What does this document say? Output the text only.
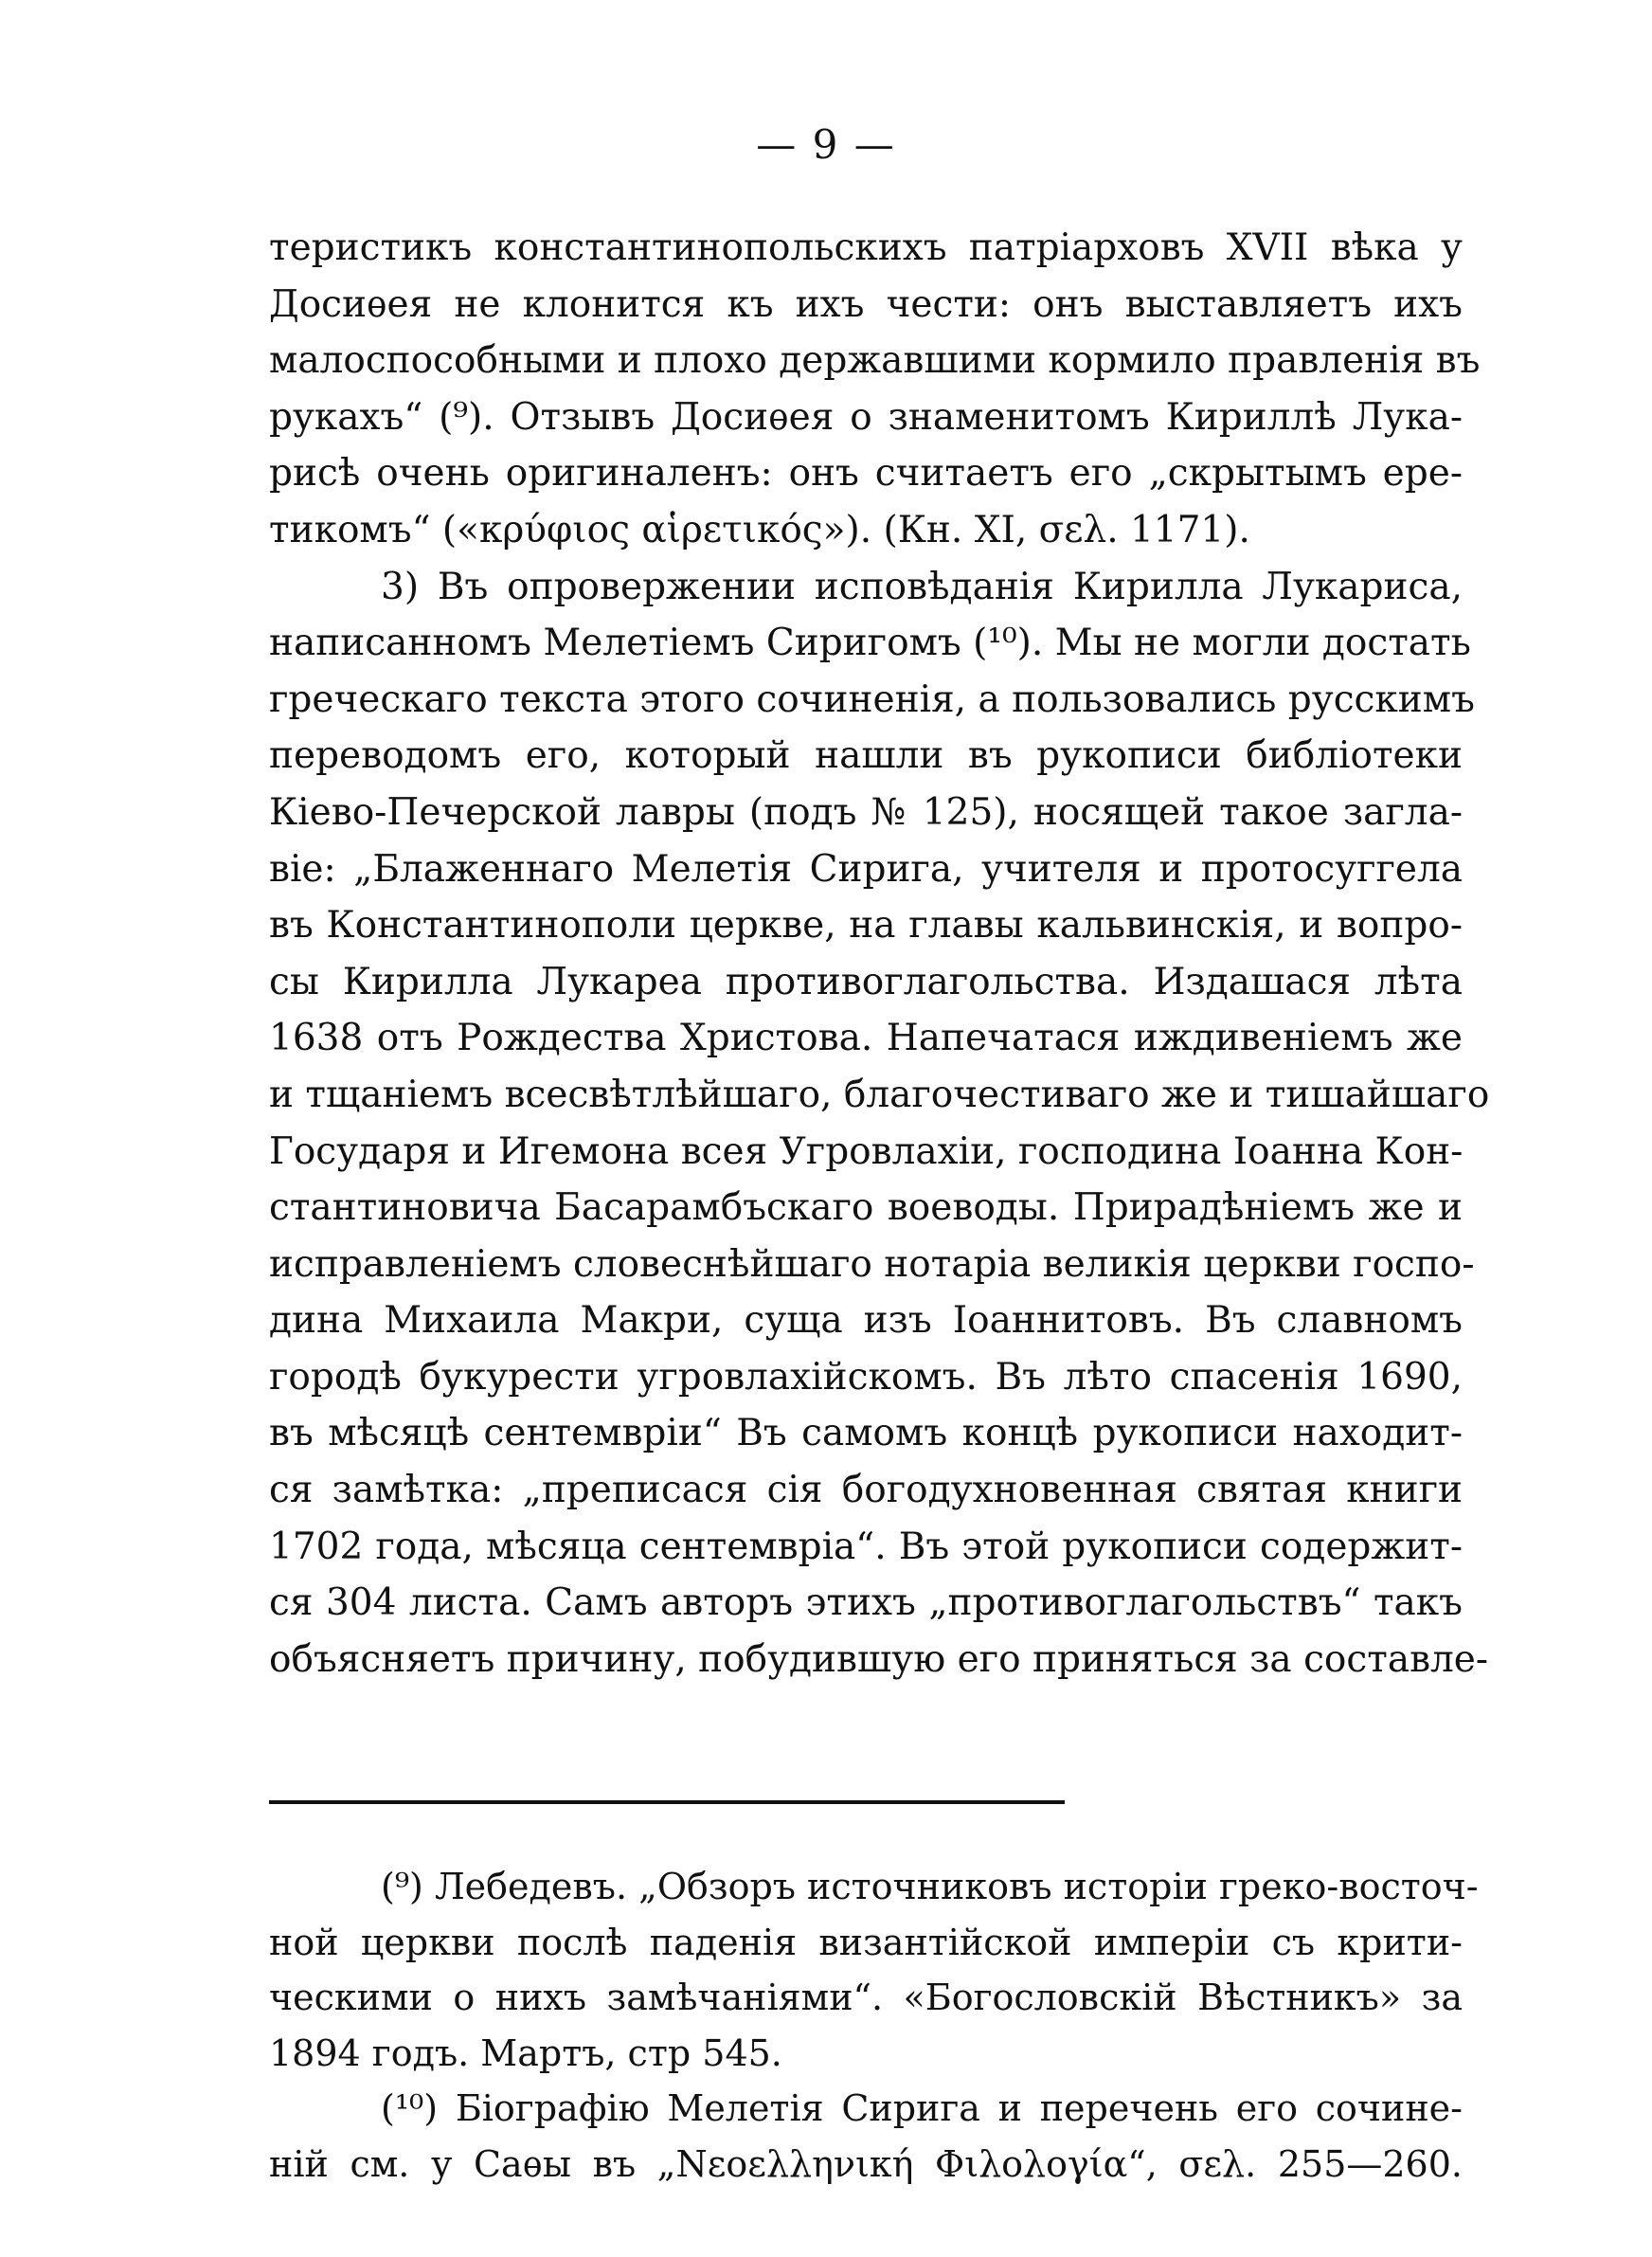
— 9 —
теристикъ константинопольскихъ патріарховъ XVII вѣка у
Досиѳея не клонится къ ихъ чести: онъ выставляетъ ихъ
малоспособными и плохо державшими кормило правленія въ
рукахъ“ (⁹). Отзывъ Досиѳея о знаменитомъ Кириллѣ Лука-
рисѣ очень оригиналенъ: онъ считаетъ его „скрытымъ ере-
тикомъ“ («κρύφιος αἱρετικός»). (Кн. XI, σελ. 1171).
3) Въ опровержении исповѣданія Кирилла Лукариса,
написанномъ Мелетіемъ Сиригомъ (¹⁰). Мы не могли достать
греческаго текста этого сочиненія, а пользовались русскимъ
переводомъ его, который нашли въ рукописи библіотеки
Кіево-Печерской лавры (подъ № 125), носящей такое загла-
віе: „Блаженнаго Мелетія Сирига, учителя и протосуггела
въ Константинополи церкве, на главы кальвинскія, и вопро-
сы Кирилла Лукареа противоглагольства. Издашася лѣта
1638 отъ Рождества Христова. Напечатася иждивеніемъ же
и тщаніемъ всесвѣтлѣйшаго, благочестиваго же и тишайшаго
Государя и Игемона всея Угровлахіи, господина Іоанна Кон-
стантиновича Басарамбъскаго воеводы. Прирадѣніемъ же и
исправленіемъ словеснѣйшаго нотаріа великія церкви госпо-
дина Михаила Макри, суща изъ Іоаннитовъ. Въ славномъ
городѣ букурести угровлахійскомъ. Въ лѣто спасенія 1690,
въ мѣсяцѣ сентемвріи“ Въ самомъ концѣ рукописи находит-
ся замѣтка: „преписася сія богодухновенная святая книги
1702 года, мѣсяца сентемвріа“. Въ этой рукописи содержит-
ся 304 листа. Самъ авторъ этихъ „противоглагольствъ“ такъ
объясняетъ причину, побудившую его приняться за составле-
(⁹) Лебедевъ. „Обзоръ источниковъ исторіи греко-восточ-
ной церкви послѣ паденія византійской имперіи съ крити-
ческими о нихъ замѣчаніями“. «Богословскій Вѣстникъ» за
1894 годъ. Мартъ, стр 545.
(¹⁰) Біографію Мелетія Сирига и перечень его сочине-
ній см. у Саѳы въ „Νεοελληνική Φιλολογία“, σελ. 255—260.
